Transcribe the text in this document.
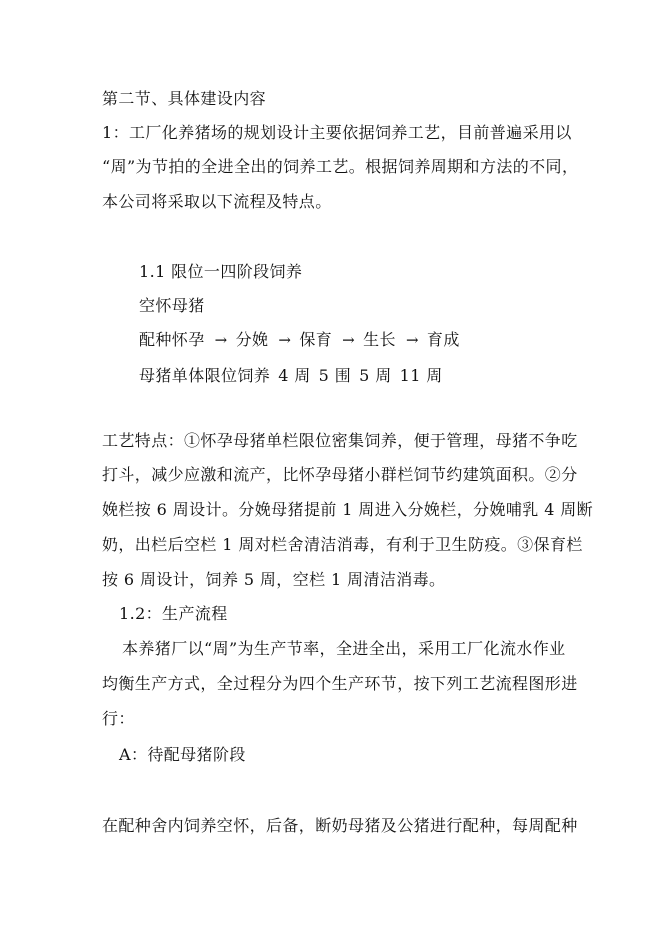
第二节、具体建设内容
1：工厂化养猪场的规划设计主要依据饲养工艺，目前普遍采用以
“周”为节拍的全进全出的饲养工艺。根据饲养周期和方法的不同，
本公司将采取以下流程及特点。
1.1 限位一四阶段饲养
空怀母猪
配种怀孕 → 分娩 → 保育 → 生长 → 育成
母猪单体限位饲养 4 周 5 围 5 周 11 周
工艺特点：①怀孕母猪单栏限位密集饲养，便于管理，母猪不争吃
打斗，减少应激和流产，比怀孕母猪小群栏饲节约建筑面积。②分
娩栏按 6 周设计。分娩母猪提前 1 周进入分娩栏，分娩哺乳 4 周断
奶，出栏后空栏 1 周对栏舍清洁消毒，有利于卫生防疫。③保育栏
按 6 周设计，饲养 5 周，空栏 1 周清洁消毒。
1.2：生产流程
本养猪厂以“周”为生产节率，全进全出，采用工厂化流水作业
均衡生产方式，全过程分为四个生产环节，按下列工艺流程图形进
行：
A：待配母猪阶段
在配种舍内饲养空怀，后备，断奶母猪及公猪进行配种，每周配种
